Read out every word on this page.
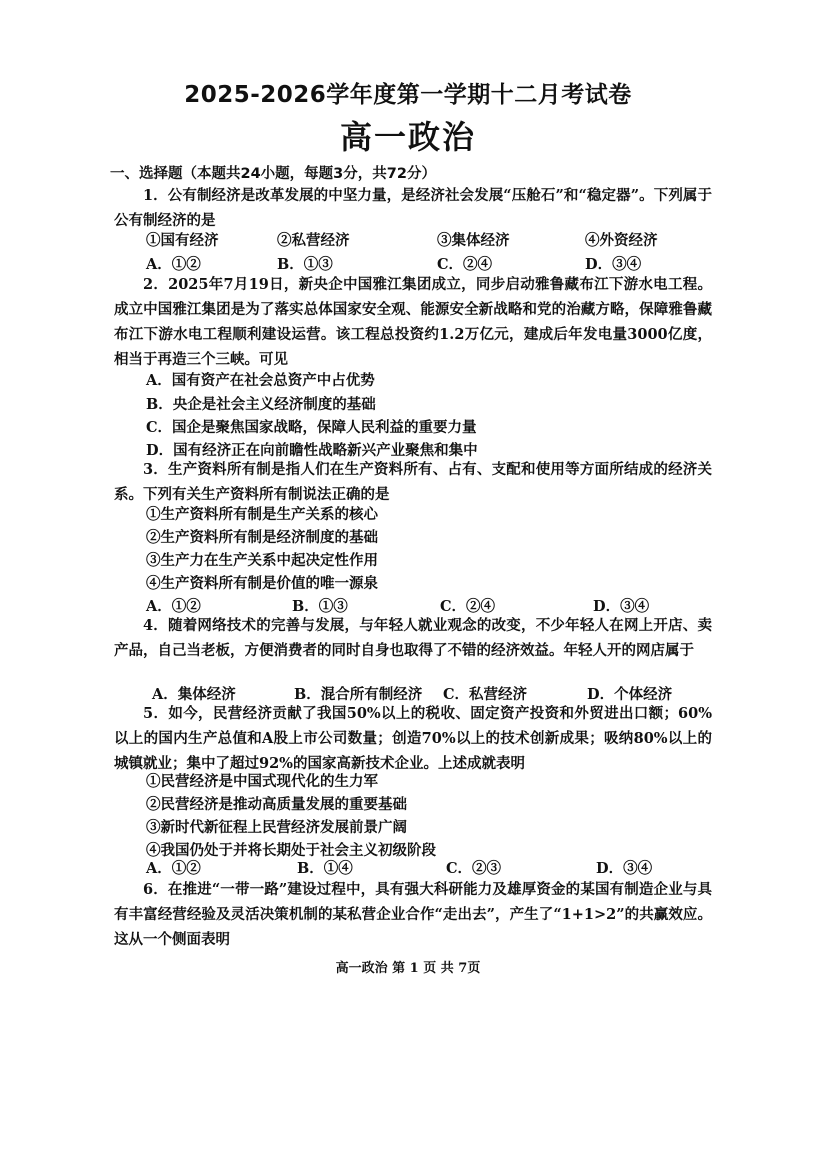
2025-2026学年度第一学期十二月考试卷
高一政治
一、选择题（本题共24小题，每题3分，共72分）
1．公有制经济是改革发展的中坚力量，是经济社会发展“压舱石”和“稳定器”。下列属于公有制经济的是
①国有经济	②私营经济	③集体经济	④外资经济
A．①②	B．①③	C．②④	D．③④
2．2025年7月19日，新央企中国雅江集团成立，同步启动雅鲁藏布江下游水电工程。成立中国雅江集团是为了落实总体国家安全观、能源安全新战略和党的治藏方略，保障雅鲁藏布江下游水电工程顺利建设运营。该工程总投资约1.2万亿元，建成后年发电量3000亿度，相当于再造三个三峡。可见
A．国有资产在社会总资产中占优势
B．央企是社会主义经济制度的基础
C．国企是聚焦国家战略，保障人民利益的重要力量
D．国有经济正在向前瞻性战略新兴产业聚焦和集中
3．生产资料所有制是指人们在生产资料所有、占有、支配和使用等方面所结成的经济关系。下列有关生产资料所有制说法正确的是
①生产资料所有制是生产关系的核心
②生产资料所有制是经济制度的基础
③生产力在生产关系中起决定性作用
④生产资料所有制是价值的唯一源泉
A．①②	B．①③	C．②④	D．③④
4．随着网络技术的完善与发展，与年轻人就业观念的改变，不少年轻人在网上开店、卖产品，自己当老板，方便消费者的同时自身也取得了不错的经济效益。年轻人开的网店属于
A．集体经济	B．混合所有制经济 C．私营经济	D．个体经济
5．如今，民营经济贡献了我国50%以上的税收、固定资产投资和外贸进出口额；60%以上的国内生产总值和A股上市公司数量；创造70%以上的技术创新成果；吸纳80%以上的城镇就业；集中了超过92%的国家高新技术企业。上述成就表明
①民营经济是中国式现代化的生力军
②民营经济是推动高质量发展的重要基础
③新时代新征程上民营经济发展前景广阔
④我国仍处于并将长期处于社会主义初级阶段
A．①②	B．①④	C．②③	D．③④
6．在推进“一带一路”建设过程中，具有强大科研能力及雄厚资金的某国有制造企业与具有丰富经营经验及灵活决策机制的某私营企业合作“走出去”，产生了“1+1>2”的共赢效应。这从一个侧面表明
高一政治 第 1 页 共 7页
